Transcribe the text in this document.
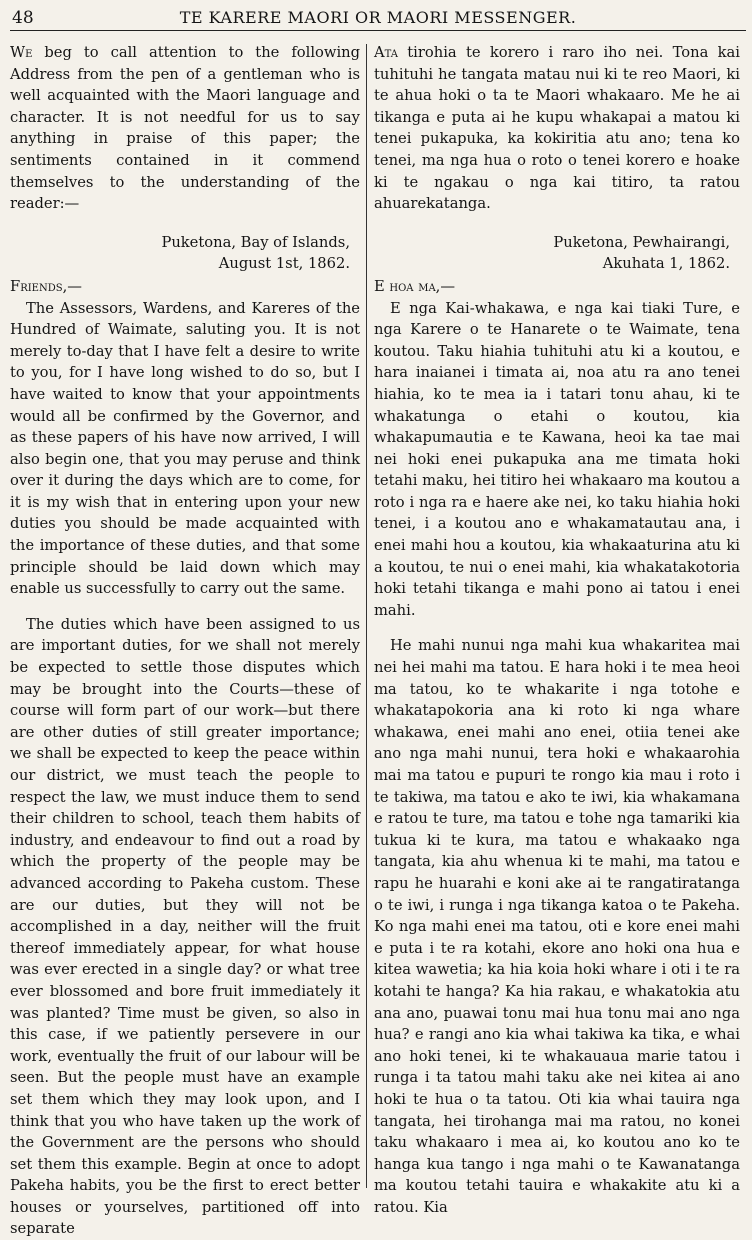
48	TE KARERE MAORI OR MAORI MESSENGER.

We beg to call attention to the following Address from the pen of a gentleman who is well acquainted with the Maori language and character. It is not needful for us to say anything in praise of this paper; the sentiments contained in it commend themselves to the understanding of the reader:—

Puketona, Bay of Islands,

August 1st, 1862.

Friends,—

The Assessors, Wardens, and Kareres of the Hundred of Waimate, saluting you. It is not merely to-day that I have felt a desire to write to you, for I have long wished to do so, but I have waited to know that your appointments would all be confirmed by the Governor, and as these papers of his have now arrived, I will also begin one, that you may peruse and think over it during the days which are to come, for it is my wish that in entering upon your new duties you should be made acquainted with the importance of these duties, and that some principle should be laid down which may enable us successfully to carry out the same.

The duties which have been assigned to us are important duties, for we shall not merely be expected to settle those disputes which may be brought into the Courts—these of course will form part of our work—but there are other duties of still greater importance; we shall be expected to keep the peace within our district, we must teach the people to respect the law, we must induce them to send their children to school, teach them habits of industry, and endeavour to find out a road by which the property of the people may be advanced according to Pakeha custom. These are our duties, but they will not be accomplished in a day, neither will the fruit thereof immediately appear, for what house was ever erected in a single day? or what tree ever blossomed and bore fruit immediately it was planted? Time must be given, so also in this case, if we patiently persevere in our work, eventually the fruit of our labour will be seen. But the people must have an example set them which they may look upon, and I think that you who have taken up the work of the Government are the persons who should set them this example. Begin at once to adopt Pakeha habits, you be the first to erect better houses or yourselves, partitioned off into separate

Ata tirohia te korero i raro iho nei. Tona kai tuhituhi he tangata matau nui ki te reo Maori, ki te ahua hoki o ta te Maori whakaaro. Me he ai tikanga e puta ai he kupu whakapai a matou ki tenei pukapuka, ka kokiritia atu ano; tena ko tenei, ma nga hua o roto o tenei korero e hoake ki te ngakau o nga kai titiro, ta ratou ahuarekatanga.

Puketona, Pewhairangi,

Akuhata 1, 1862.

E hoa ma,—

E nga Kai-whakawa, e nga kai tiaki Ture, e nga Karere o te Hanarete o te Waimate, tena koutou. Taku hiahia tuhituhi atu ki a koutou, e hara inaianei i timata ai, noa atu ra ano tenei hiahia, ko te mea ia i tatari tonu ahau, ki te whakatunga o etahi o koutou, kia whakapumautia e te Kawana, heoi ka tae mai nei hoki enei pukapuka ana me timata hoki tetahi maku, hei titiro hei whakaaro ma koutou a roto i nga ra e haere ake nei, ko taku hiahia hoki tenei, i a koutou ano e whakamatautau ana, i enei mahi hou a koutou, kia whakaaturina atu ki a koutou, te nui o enei mahi, kia whakatakotoria hoki tetahi tikanga e mahi pono ai tatou i enei mahi.

He mahi nunui nga mahi kua whakaritea mai nei hei mahi ma tatou. E hara hoki i te mea heoi ma tatou, ko te whakarite i nga totohe e whakatapokoria ana ki roto ki nga whare whakawa, enei mahi ano enei, otiia tenei ake ano nga mahi nunui, tera hoki e whakaarohia mai ma tatou e pupuri te rongo kia mau i roto i te takiwa, ma tatou e ako te iwi, kia whakamana e ratou te ture, ma tatou e tohe nga tamariki kia tukua ki te kura, ma tatou e whakaako nga tangata, kia ahu whenua ki te mahi, ma tatou e rapu he huarahi e koni ake ai te rangatiratanga o te iwi, i runga i nga tikanga katoa o te Pakeha. Ko nga mahi enei ma tatou, oti e kore enei mahi e puta i te ra kotahi, ekore ano hoki ona hua e kitea wawetia; ka hia koia hoki whare i oti i te ra kotahi te hanga? Ka hia rakau, e whakatokia atu ana ano, puawai tonu mai hua tonu mai ano nga hua? e rangi ano kia whai takiwa ka tika, e whai ano hoki tenei, ki te whakauaua marie tatou i runga i ta tatou mahi taku ake nei kitea ai ano hoki te hua o ta tatou. Oti kia whai tauira nga tangata, hei tirohanga mai ma ratou, no konei taku whakaaro i mea ai, ko koutou ano ko te hanga kua tango i nga mahi o te Kawanatanga ma koutou tetahi tauira e whakakite atu ki a ratou. Kia
